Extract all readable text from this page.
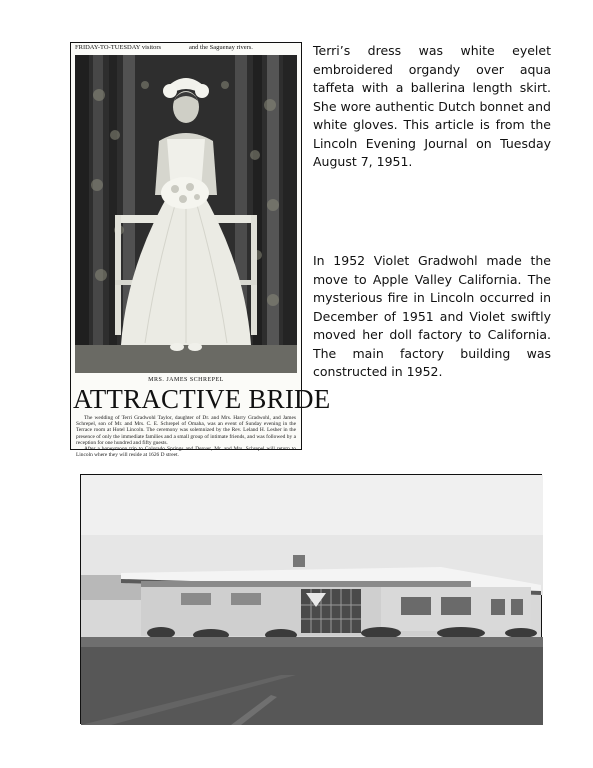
FRIDAY-TO-TUESDAY visitors	and the Saguenay rivers.
MRS. JAMES SCHREPEL
ATTRACTIVE BRIDE
The wedding of Terri Gradwohl Taylor, daughter of Dr. and Mrs. Harry Gradwohl, and James Schrepel, son of Mr. and Mrs. C. E. Schrepel of Omaha, was an event of Sunday evening in the Terrace room at Hotel Lincoln. The ceremony was solemnized by the Rev. Leland H. Lesher in the presence of only the immediate families and a small group of intimate friends, and was followed by a reception for one hundred and fifty guests.
After a honeymoon trip to Colorado Springs and Denver, Mr. and Mrs. Schrepel will return to Lincoln where they will reside at 1626 D street.

Terri’s dress was white eyelet embroidered organdy over aqua taffeta with a ballerina length skirt. She wore authentic Dutch bonnet and white gloves. This article is from the Lincoln Evening Journal on Tuesday August 7, 1951.

In 1952 Violet Gradwohl made the move to Apple Valley California. The mysterious fire in Lincoln occurred in December of 1951 and Violet swiftly moved her doll factory to California. The main factory building was constructed in 1952.
